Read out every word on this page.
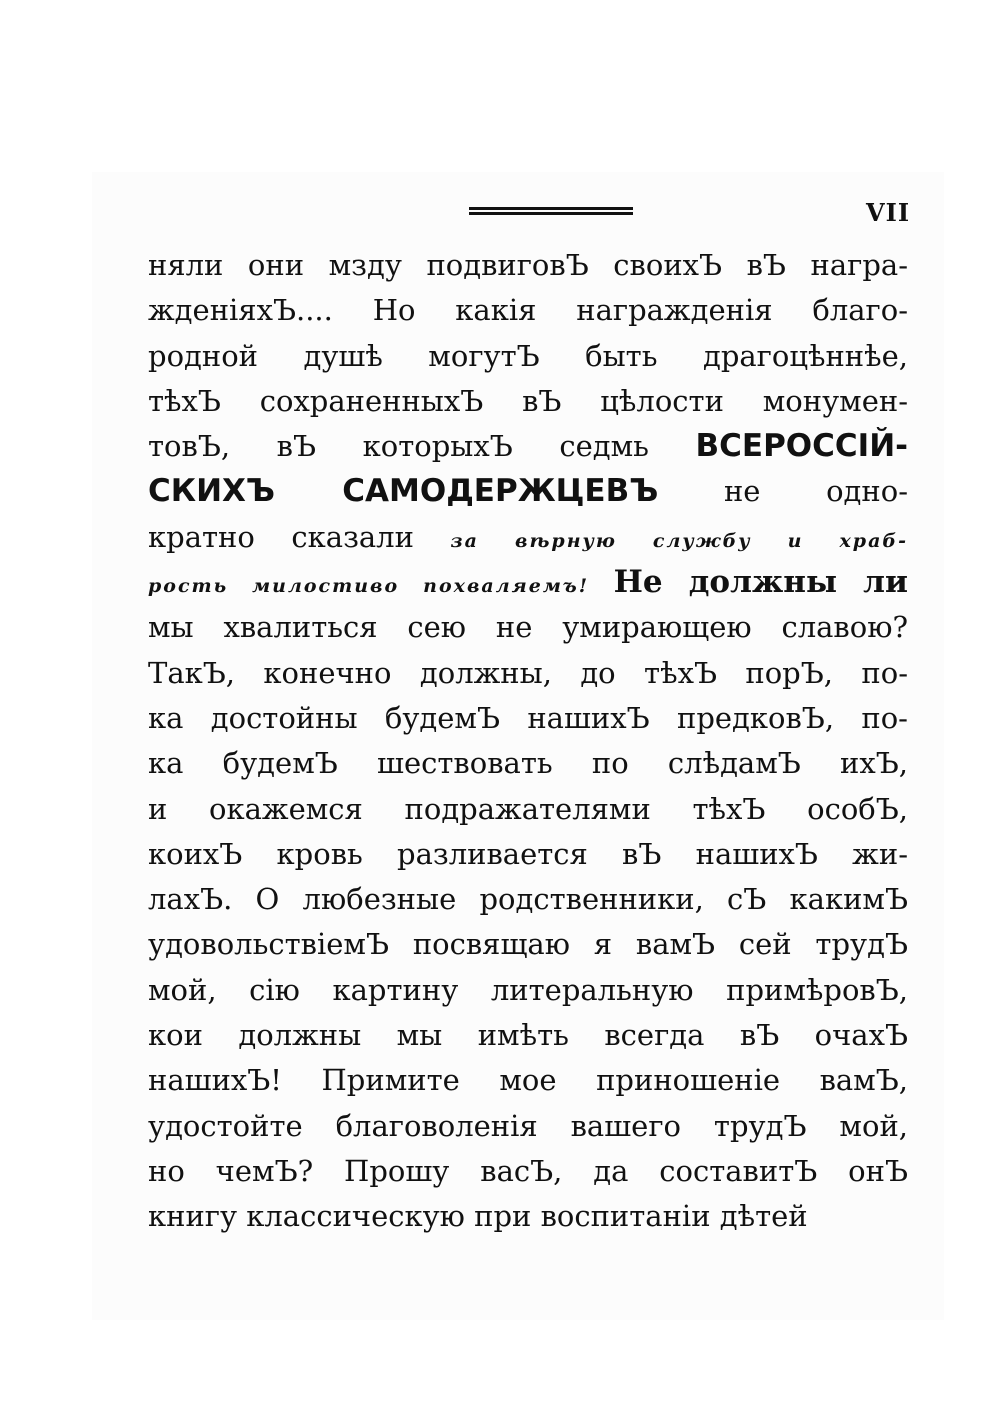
VII
няли они мзду подвиговЪ своихЪ вЪ награ-
жденiяхЪ.... Но какiя награжденiя благо-
родной душѣ могутЪ быть драгоцѣннѣе,
тѣхЪ сохраненныхЪ вЪ цѣлости монумен-
товЪ, вЪ которыхЪ седмь ВСЕРОССIЙ-
СКИХЪ САМОДЕРЖЦЕВЪ не одно-
кратно сказали за вѣрную службу и храб-
рость милостиво похваляемъ! Не должны ли
мы хвалиться сею не умирающею славою?
ТакЪ, конечно должны, до тѣхЪ порЪ, по-
ка достойны будемЪ нашихЪ предковЪ, по-
ка будемЪ шествовать по слѣдамЪ ихЪ,
и окажемся подражателями тѣхЪ особЪ,
коихЪ кровь разливается вЪ нашихЪ жи-
лахЪ. О любезные родственники, сЪ какимЪ
удовольствiемЪ посвящаю я вамЪ сей трудЪ
мой, сiю картину литеральную примѣровЪ,
кои должны мы имѣть всегда вЪ очахЪ
нашихЪ! Примите мое приношенiе вамЪ,
удостойте благоволенiя вашего трудЪ мой,
но чемЪ? Прошу васЪ, да составитЪ онЪ
книгу классическую при воспитанiи дѣтей
